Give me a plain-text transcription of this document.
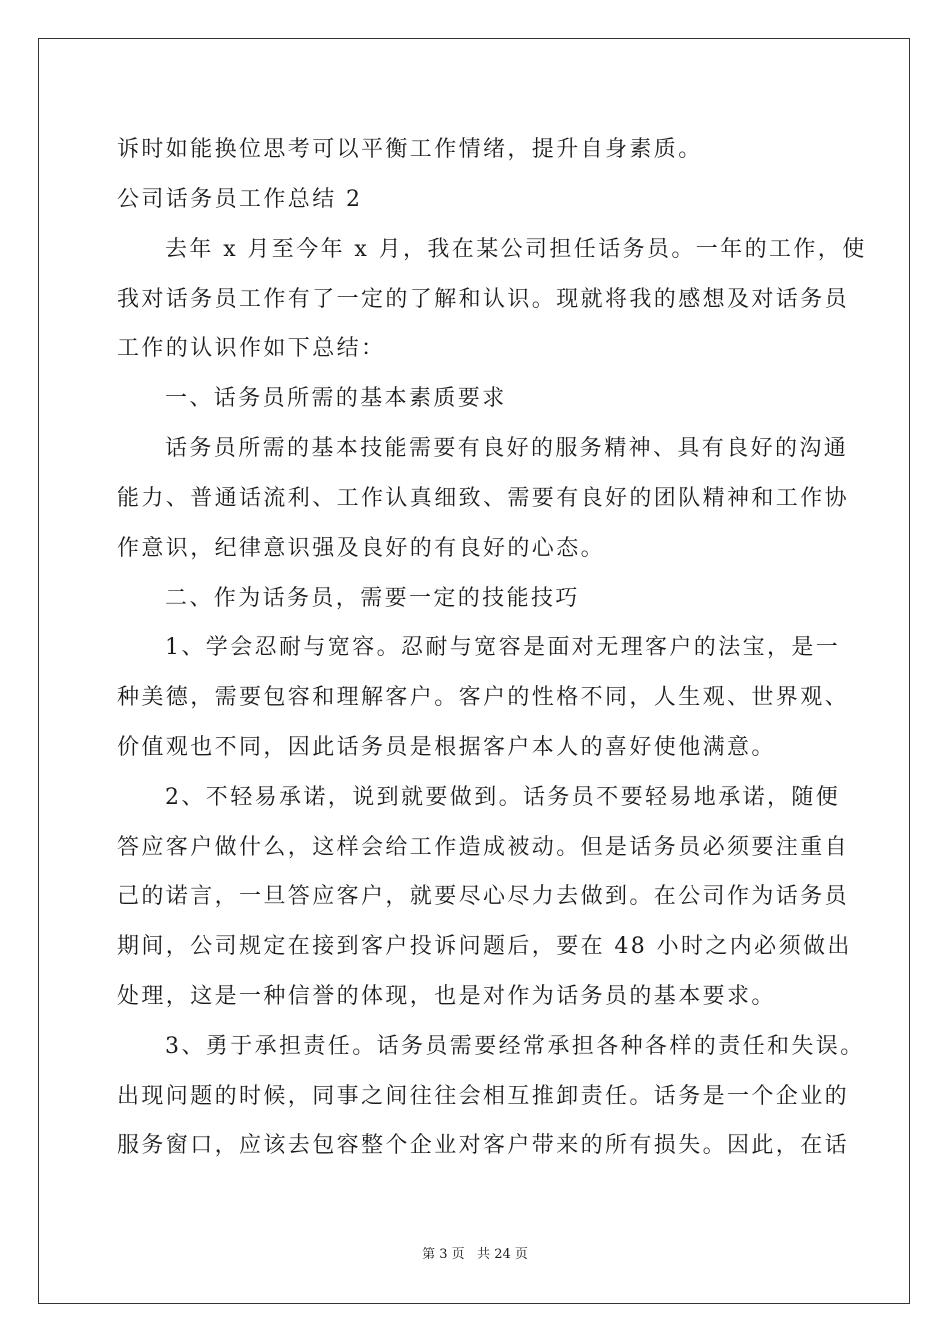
诉时如能换位思考可以平衡工作情绪，提升自身素质。
公司话务员工作总结 2
去年 x 月至今年 x 月，我在某公司担任话务员。一年的工作，使
我对话务员工作有了一定的了解和认识。现就将我的感想及对话务员
工作的认识作如下总结：
一、话务员所需的基本素质要求
话务员所需的基本技能需要有良好的服务精神、具有良好的沟通
能力、普通话流利、工作认真细致、需要有良好的团队精神和工作协
作意识，纪律意识强及良好的有良好的心态。
二、作为话务员，需要一定的技能技巧
1、学会忍耐与宽容。忍耐与宽容是面对无理客户的法宝，是一
种美德，需要包容和理解客户。客户的性格不同，人生观、世界观、
价值观也不同，因此话务员是根据客户本人的喜好使他满意。
2、不轻易承诺，说到就要做到。话务员不要轻易地承诺，随便
答应客户做什么，这样会给工作造成被动。但是话务员必须要注重自
己的诺言，一旦答应客户，就要尽心尽力去做到。在公司作为话务员
期间，公司规定在接到客户投诉问题后，要在 48 小时之内必须做出
处理，这是一种信誉的体现，也是对作为话务员的基本要求。
3、勇于承担责任。话务员需要经常承担各种各样的责任和失误。
出现问题的时候，同事之间往往会相互推卸责任。话务是一个企业的
服务窗口，应该去包容整个企业对客户带来的所有损失。因此，在话
第 3 页   共 24 页
